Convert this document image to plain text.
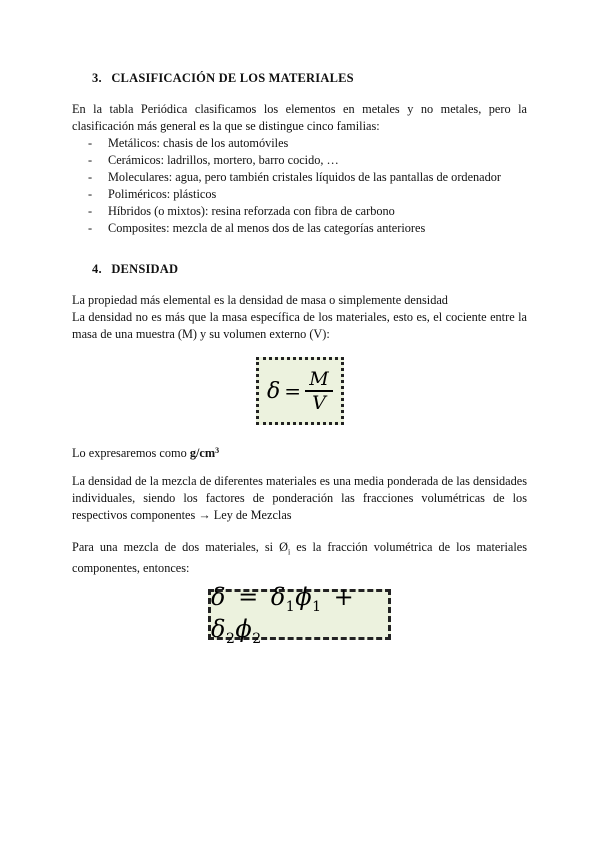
3. CLASIFICACIÓN DE LOS MATERIALES
En la tabla Periódica clasificamos los elementos en metales y no metales, pero la clasificación más general es la que se distingue cinco familias:
- Metálicos: chasis de los automóviles
- Cerámicos: ladrillos, mortero, barro cocido, …
- Moleculares: agua, pero también cristales líquidos de las pantallas de ordenador
- Poliméricos: plásticos
- Híbridos (o mixtos): resina reforzada con fibra de carbono
- Composites: mezcla de al menos dos de las categorías anteriores
4. DENSIDAD
La propiedad más elemental es la densidad de masa o simplemente densidad
La densidad no es más que la masa específica de los materiales, esto es, el cociente entre la masa de una muestra (M) y su volumen externo (V):
$\delta = \frac{M}{V}$
Lo expresaremos como $g/cm^3$
La densidad de la mezcla de diferentes materiales es una media ponderada de las densidades individuales, siendo los factores de ponderación las fracciones volumétricas de los respectivos componentes → Ley de Mezclas
Para una mezcla de dos materiales, si $Ø_i$ es la fracción volumétrica de los materiales componentes, entonces:
$\delta = \delta_1\phi_1 + \delta_2\phi_2$
